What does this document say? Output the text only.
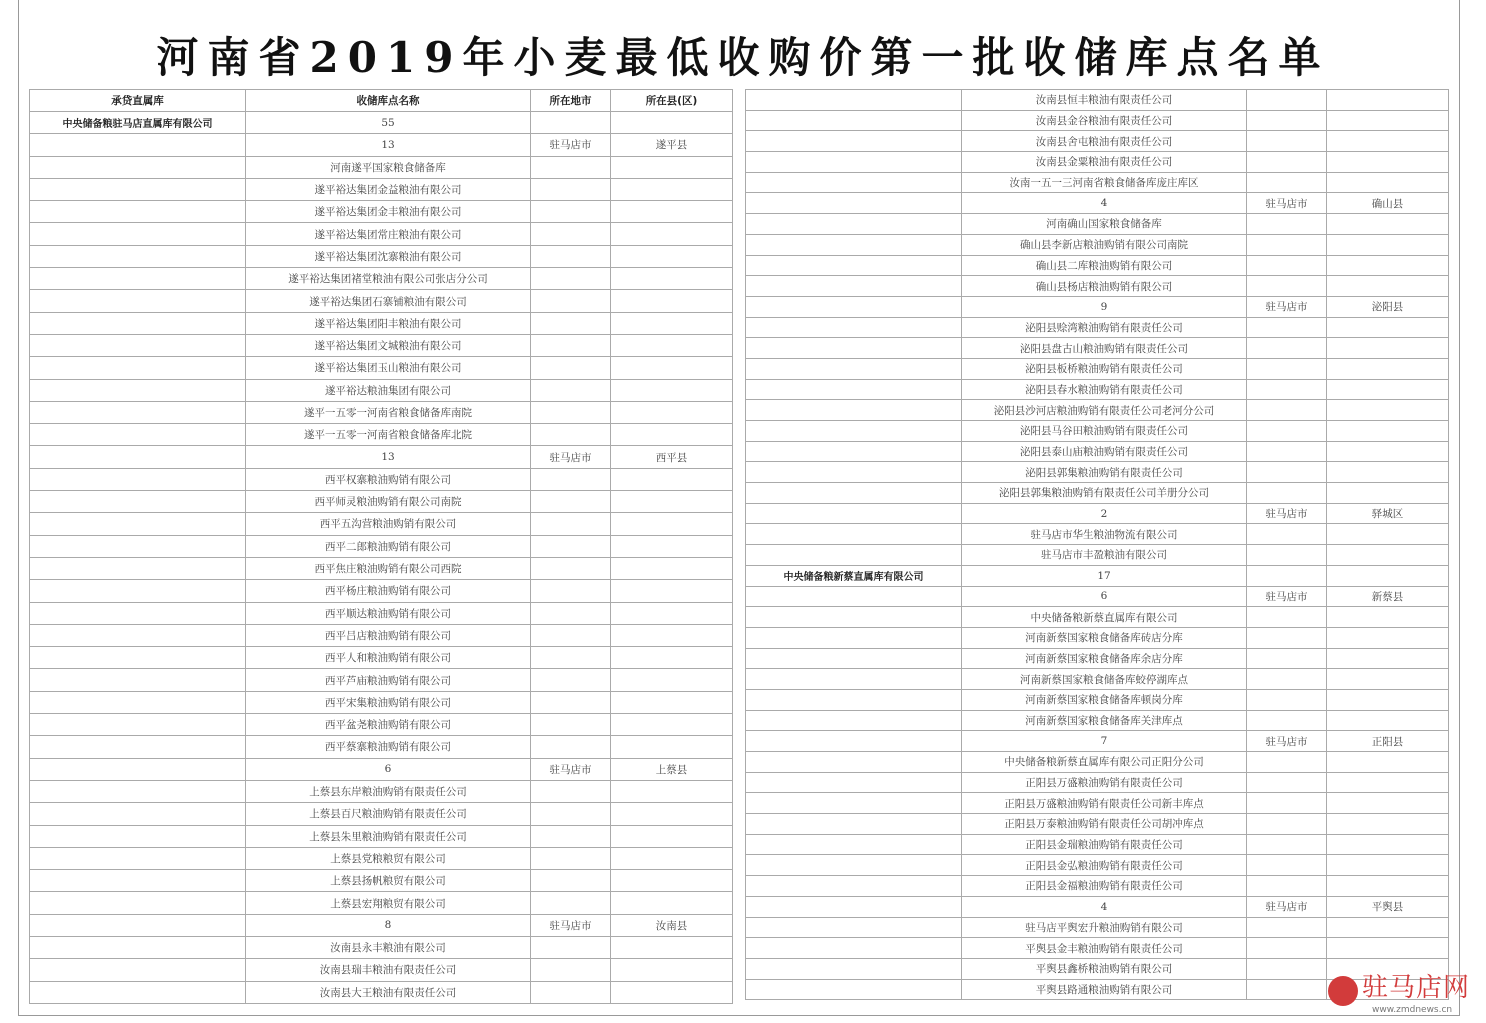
河南省2019年小麦最低收购价第一批收储库点名单
承贷直属库	收储库点名称	所在地市	所在县(区)
中央储备粮驻马店直属库有限公司	55		
	13	驻马店市	遂平县
	河南遂平国家粮食储备库		
	遂平裕达集团金益粮油有限公司		
	遂平裕达集团金丰粮油有限公司		
	遂平裕达集团常庄粮油有限公司		
	遂平裕达集团沈寨粮油有限公司		
	遂平裕达集团褚堂粮油有限公司张店分公司		
	遂平裕达集团石寨铺粮油有限公司		
	遂平裕达集团阳丰粮油有限公司		
	遂平裕达集团文城粮油有限公司		
	遂平裕达集团玉山粮油有限公司		
	遂平裕达粮油集团有限公司		
	遂平一五零一河南省粮食储备库南院		
	遂平一五零一河南省粮食储备库北院		
	13	驻马店市	西平县
	西平权寨粮油购销有限公司		
	西平师灵粮油购销有限公司南院		
	西平五沟营粮油购销有限公司		
	西平二郎粮油购销有限公司		
	西平焦庄粮油购销有限公司西院		
	西平杨庄粮油购销有限公司		
	西平顺达粮油购销有限公司		
	西平吕店粮油购销有限公司		
	西平人和粮油购销有限公司		
	西平芦庙粮油购销有限公司		
	西平宋集粮油购销有限公司		
	西平盆尧粮油购销有限公司		
	西平蔡寨粮油购销有限公司		
	6	驻马店市	上蔡县
	上蔡县东岸粮油购销有限责任公司		
	上蔡县百尺粮油购销有限责任公司		
	上蔡县朱里粮油购销有限责任公司		
	上蔡县党粮粮贸有限公司		
	上蔡县扬帆粮贸有限公司		
	上蔡县宏翔粮贸有限公司		
	8	驻马店市	汝南县
	汝南县永丰粮油有限公司		
	汝南县瑞丰粮油有限责任公司		
	汝南县大王粮油有限责任公司		
	汝南县恒丰粮油有限责任公司		
	汝南县金谷粮油有限责任公司		
	汝南县舍屯粮油有限责任公司		
	汝南县金粟粮油有限责任公司		
	汝南一五一三河南省粮食储备库庞庄库区		
	4	驻马店市	确山县
	河南确山国家粮食储备库		
	确山县李新店粮油购销有限公司南院		
	确山县二库粮油购销有限公司		
	确山县杨店粮油购销有限公司		
	9	驻马店市	泌阳县
	泌阳县赊湾粮油购销有限责任公司		
	泌阳县盘古山粮油购销有限责任公司		
	泌阳县板桥粮油购销有限责任公司		
	泌阳县春水粮油购销有限责任公司		
	泌阳县沙河店粮油购销有限责任公司老河分公司		
	泌阳县马谷田粮油购销有限责任公司		
	泌阳县泰山庙粮油购销有限责任公司		
	泌阳县郭集粮油购销有限责任公司		
	泌阳县郭集粮油购销有限责任公司羊册分公司		
	2	驻马店市	驿城区
	驻马店市华生粮油物流有限公司		
	驻马店市丰盈粮油有限公司		
中央储备粮新蔡直属库有限公司	17		
	6	驻马店市	新蔡县
	中央储备粮新蔡直属库有限公司		
	河南新蔡国家粮食储备库砖店分库		
	河南新蔡国家粮食储备库余店分库		
	河南新蔡国家粮食储备库蛟停湖库点		
	河南新蔡国家粮食储备库顿岗分库		
	河南新蔡国家粮食储备库关津库点		
	7	驻马店市	正阳县
	中央储备粮新蔡直属库有限公司正阳分公司		
	正阳县万盛粮油购销有限责任公司		
	正阳县万盛粮油购销有限责任公司新丰库点		
	正阳县万泰粮油购销有限责任公司胡冲库点		
	正阳县金瑞粮油购销有限责任公司		
	正阳县金弘粮油购销有限责任公司		
	正阳县金福粮油购销有限责任公司		
	4	驻马店市	平舆县
	驻马店平舆宏升粮油购销有限公司		
	平舆县金丰粮油购销有限责任公司		
	平舆县鑫桥粮油购销有限公司		
	平舆县路通粮油购销有限公司			驻马店网
www.zmdnews.cn
